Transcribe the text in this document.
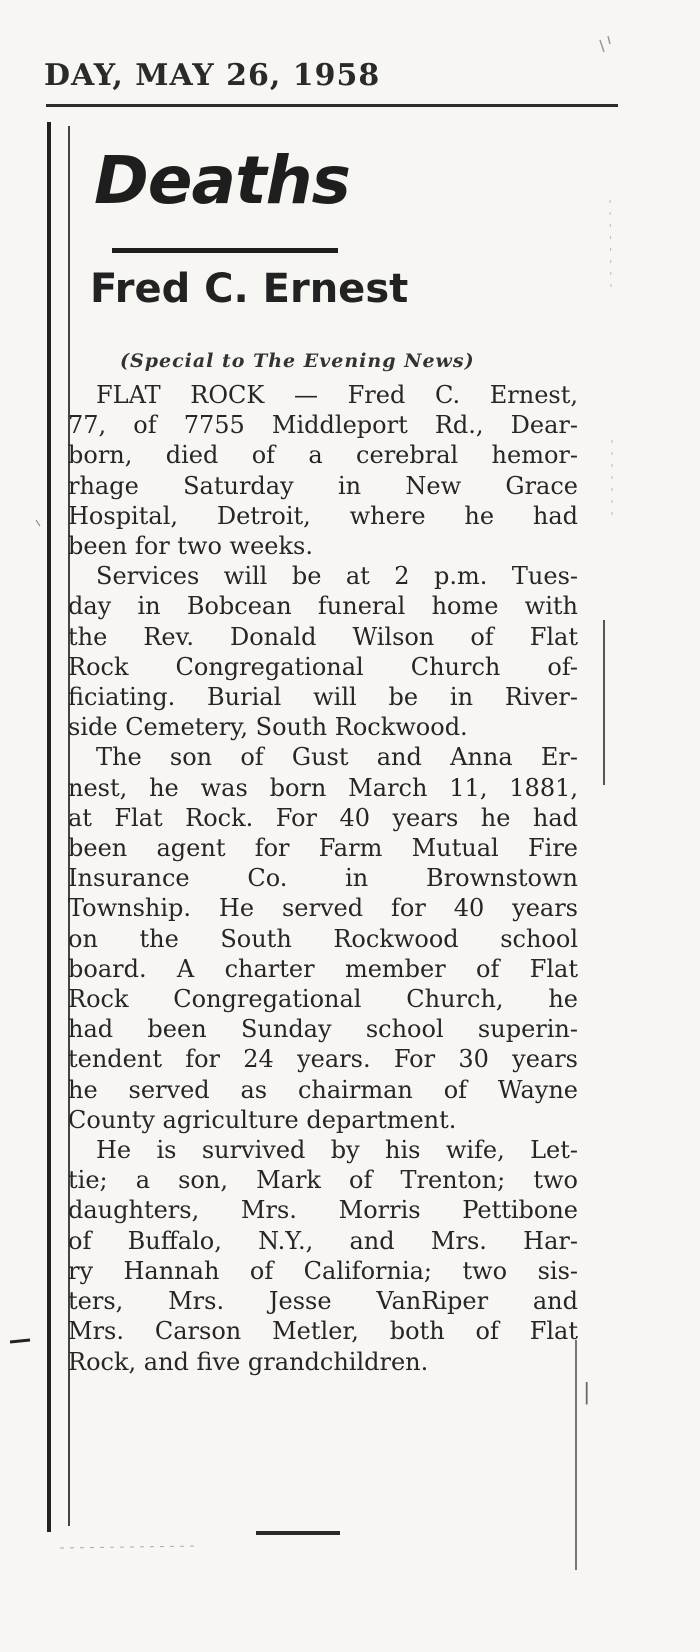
DAY, MAY 26, 1958
Deaths
Fred C. Ernest
(Special to The Evening News)
FLAT ROCK — Fred C. Ernest,
77, of 7755 Middleport Rd., Dear-
born, died of a cerebral hemor-
rhage Saturday in New Grace
Hospital, Detroit, where he had
been for two weeks.
Services will be at 2 p.m. Tues-
day in Bobcean funeral home with
the Rev. Donald Wilson of Flat
Rock Congregational Church of-
ficiating. Burial will be in River-
side Cemetery, South Rockwood.
The son of Gust and Anna Er-
nest, he was born March 11, 1881,
at Flat Rock. For 40 years he had
been agent for Farm Mutual Fire
Insurance Co. in Brownstown
Township. He served for 40 years
on the South Rockwood school
board. A charter member of Flat
Rock Congregational Church, he
had been Sunday school superin-
tendent for 24 years. For 30 years
he served as chairman of Wayne
County agriculture department.
He is survived by his wife, Let-
tie; a son, Mark of Trenton; two
daughters, Mrs. Morris Pettibone
of Buffalo, N.Y., and Mrs. Har-
ry Hannah of California; two sis-
ters, Mrs. Jesse VanRiper and
Mrs. Carson Metler, both of Flat
Rock, and five grandchildren.
|
